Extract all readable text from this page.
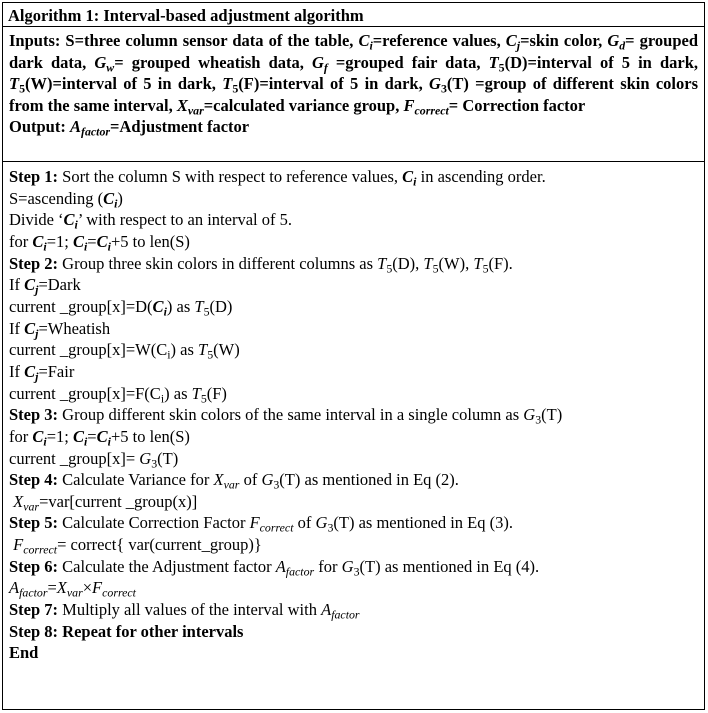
Algorithm 1: Interval-based adjustment algorithm
Inputs: S=three column sensor data of the table, $C_i=reference$ values, $C_j=skin$ color, $G_d=$ grouped dark data, $G_w=$ grouped wheatish data, $G_f$ =grouped fair data, $T_5(D)=interval$ of 5 in dark, $T_5(W)=interval$ of 5 in dark, $T_5(F)=interval$ of 5 in dark, $G_3(T)$ =group of different skin colors from the same interval, $X_{var}=calculated$ variance group, $F_{correct}=$ Correction factor
Output: $A_{factor}=Adjustment$ factor
Step 1: Sort the column S with respect to reference values, $C_i$ in ascending order.
S=ascending $(C_i)$
Divide ‘$C_i$’ with respect to an interval of 5.
for $C_i=1$; $C_i=C_i+5$ to len(S)
Step 2: Group three skin colors in different columns as $T_5(D)$, $T_5(W)$, $T_5(F)$.
If $C_j=Dark$
current $\_group[x]=D(C_i)$ as $T_5(D)$
If $C_j=Wheatish$
current $\_group[x]=W(C_i)$ as $T_5(W)$
If $C_j=Fair$
current $\_group[x]=F(C_i)$ as $T_5(F)$
Step 3: Group different skin colors of the same interval in a single column as $G_3(T)$
for $C_i=1$; $C_i=C_i+5$ to len(S)
current _group[x]= $G_3(T)$
Step 4: Calculate Variance for $X_{var}$ of $G_3(T)$ as mentioned in Eq (2).
$X_{var}=var[current$ _group(x)]
Step 5: Calculate Correction Factor $F_{correct}$ of $G_3(T)$ as mentioned in Eq (3).
$F_{correct}=$ correct{ var(current_group)}
Step 6: Calculate the Adjustment factor $A_{factor}$ for $G_3(T)$ as mentioned in Eq (4).
$A_{factor}=X_{var}\times F_{correct}$
Step 7: Multiply all values of the interval with $A_{factor}$
Step 8: Repeat for other intervals
End
